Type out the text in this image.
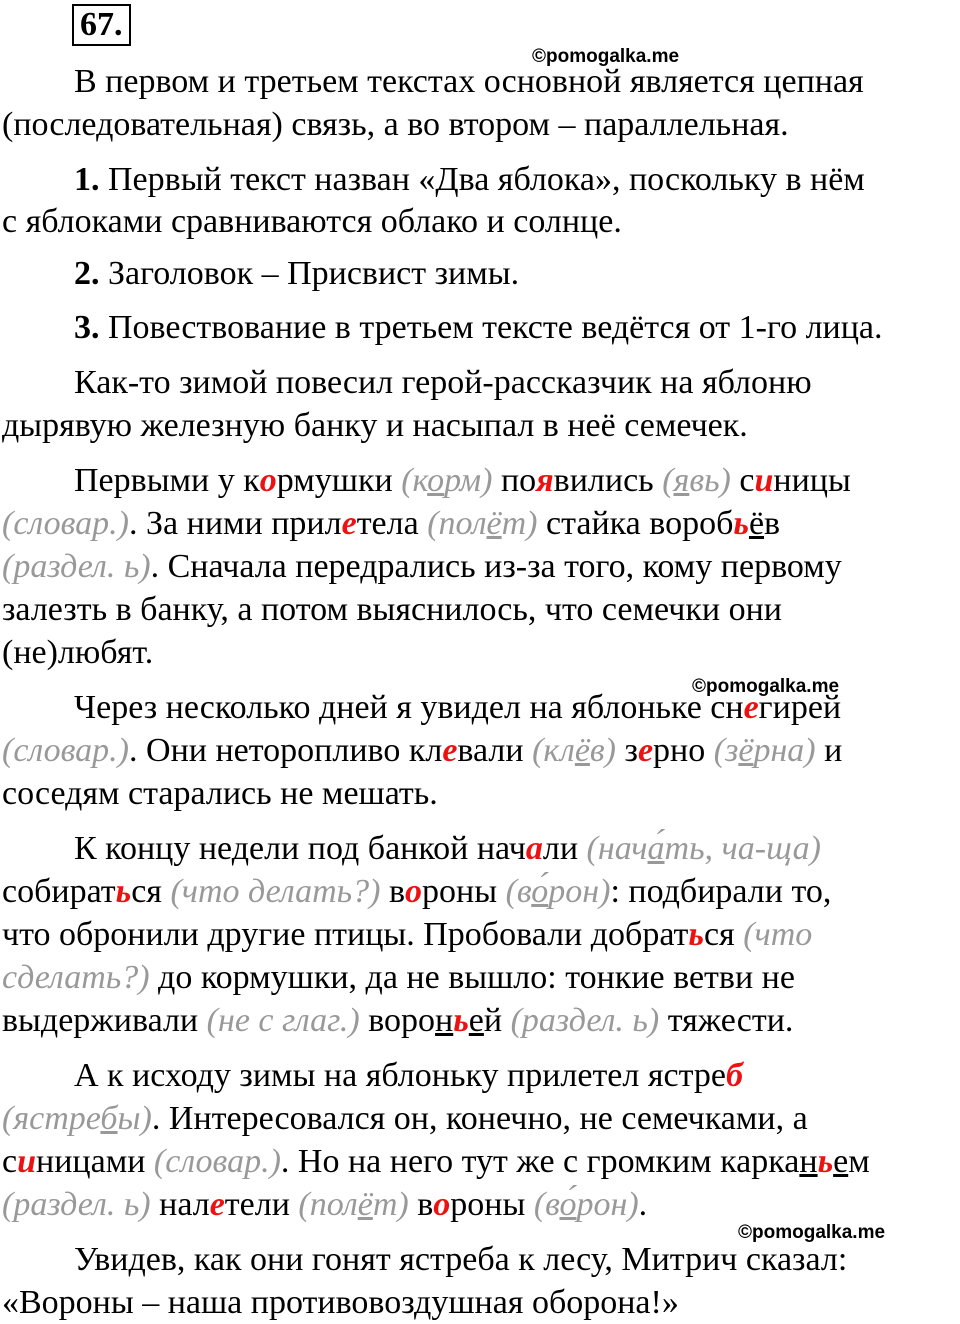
67.
©pomogalka.me
©pomogalka.me
©pomogalka.me
В первом и третьем текстах основной является цепная
(последовательная) связь, а во втором – параллельная.
1. Первый текст назван «Два яблока», поскольку в нём
с яблоками сравниваются облако и солнце.
2. Заголовок – Присвист зимы.
3. Повествование в третьем тексте ведётся от 1-го лица.
Как-то зимой повесил герой-рассказчик на яблоню
дырявую железную банку и насыпал в неё семечек.
Первыми у кормушки (корм) появились (явь) синицы
(словар.). За ними прилетела (полёт) стайка воробьёв
(раздел. ь). Сначала передрались из-за того, кому первому
залезть в банку, а потом выяснилось, что семечки они
(не)любят.
Через несколько дней я увидел на яблоньке снегирей
(словар.). Они неторопливо клевали (клёв) зерно (зёрна) и
соседям старались не мешать.
К концу недели под банкой начали (нача́ть, ча-ща)
собираться (что делать?) вороны (во́рон): подбирали то,
что обронили другие птицы. Пробовали добраться (что
сделать?) до кормушки, да не вышло: тонкие ветви не
выдерживали (не с глаг.) вороньей (раздел. ь) тяжести.
А к исходу зимы на яблоньку прилетел ястреб
(ястребы). Интересовался он, конечно, не семечками, а
синицами (словар.). Но на него тут же с громким карканьем
(раздел. ь) налетели (полёт) вороны (во́рон).
Увидев, как они гонят ястреба к лесу, Митрич сказал:
«Вороны – наша противовоздушная оборона!»
